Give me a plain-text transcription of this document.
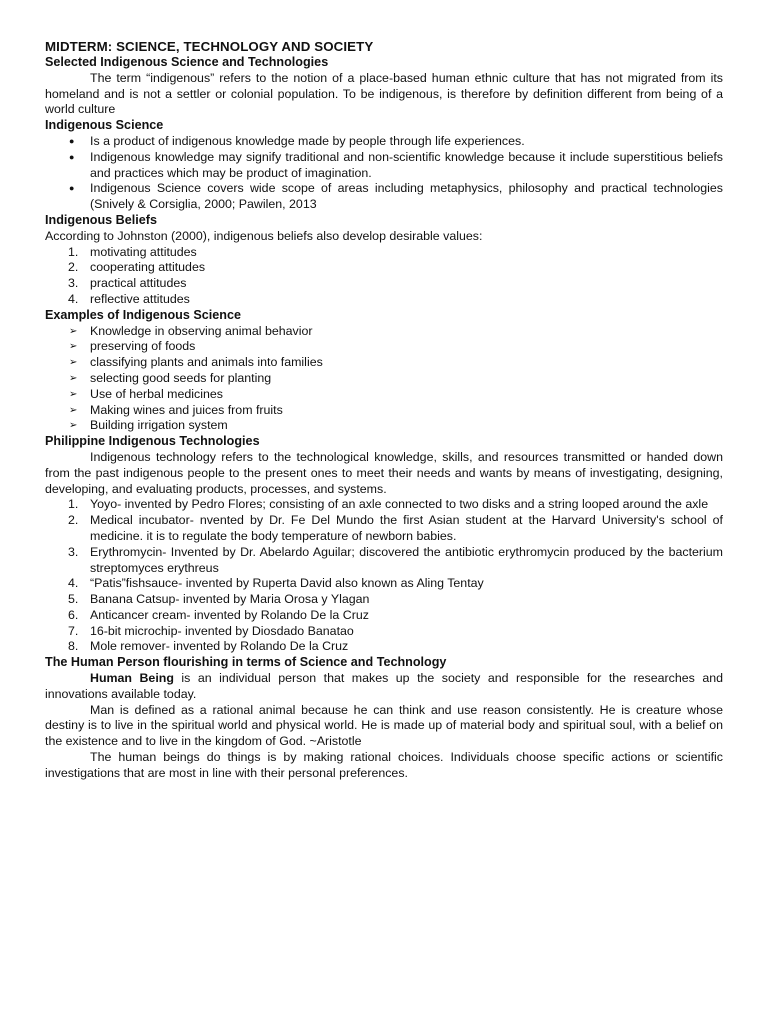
MIDTERM: SCIENCE, TECHNOLOGY AND SOCIETY
Selected Indigenous Science and Technologies

The term “indigenous” refers to the notion of a place-based human ethnic culture that has not migrated from its homeland and is not a settler or colonial population. To be indigenous, is therefore by definition different from being of a world culture

Indigenous Science
● Is a product of indigenous knowledge made by people through life experiences.
● Indigenous knowledge may signify traditional and non-scientific knowledge because it include superstitious beliefs and practices which may be product of imagination.
● Indigenous Science covers wide scope of areas including metaphysics, philosophy and practical technologies (Snively & Corsiglia, 2000; Pawilen, 2013
Indigenous Beliefs

According to Johnston (2000), indigenous beliefs also develop desirable values:

1. motivating attitudes
2. cooperating attitudes
3. practical attitudes
4. reflective attitudes
Examples of Indigenous Science
➢ Knowledge in observing animal behavior
➢ preserving of foods
➢ classifying plants and animals into families
➢ selecting good seeds for planting
➢ Use of herbal medicines
➢ Making wines and juices from fruits
➢ Building irrigation system
Philippine Indigenous Technologies

Indigenous technology refers to the technological knowledge, skills, and resources transmitted or handed down from the past indigenous people to the present ones to meet their needs and wants by means of investigating, designing, developing, and evaluating products, processes, and systems.

1. Yoyo- invented by Pedro Flores; consisting of an axle connected to two disks and a string looped around the axle
2. Medical incubator- nvented by Dr. Fe Del Mundo the first Asian student at the Harvard University's school of medicine. it is to regulate the body temperature of newborn babies.
3. Erythromycin- Invented by Dr. Abelardo Aguilar; discovered the antibiotic erythromycin produced by the bacterium streptomyces erythreus
4. “Patis”fishsauce- invented by Ruperta David also known as Aling Tentay
5. Banana Catsup- invented by Maria Orosa y Ylagan
6. Anticancer cream- invented by Rolando De la Cruz
7. 16-bit microchip- invented by Diosdado Banatao
8. Mole remover- invented by Rolando De la Cruz
The Human Person flourishing in terms of Science and Technology

Human Being is an individual person that makes up the society and responsible for the researches and innovations available today.

Man is defined as a rational animal because he can think and use reason consistently. He is creature whose destiny is to live in the spiritual world and physical world. He is made up of material body and spiritual soul, with a belief on the existence and to live in the kingdom of God. ~Aristotle

The human beings do things is by making rational choices. Individuals choose specific actions or scientific investigations that are most in line with their personal preferences.
